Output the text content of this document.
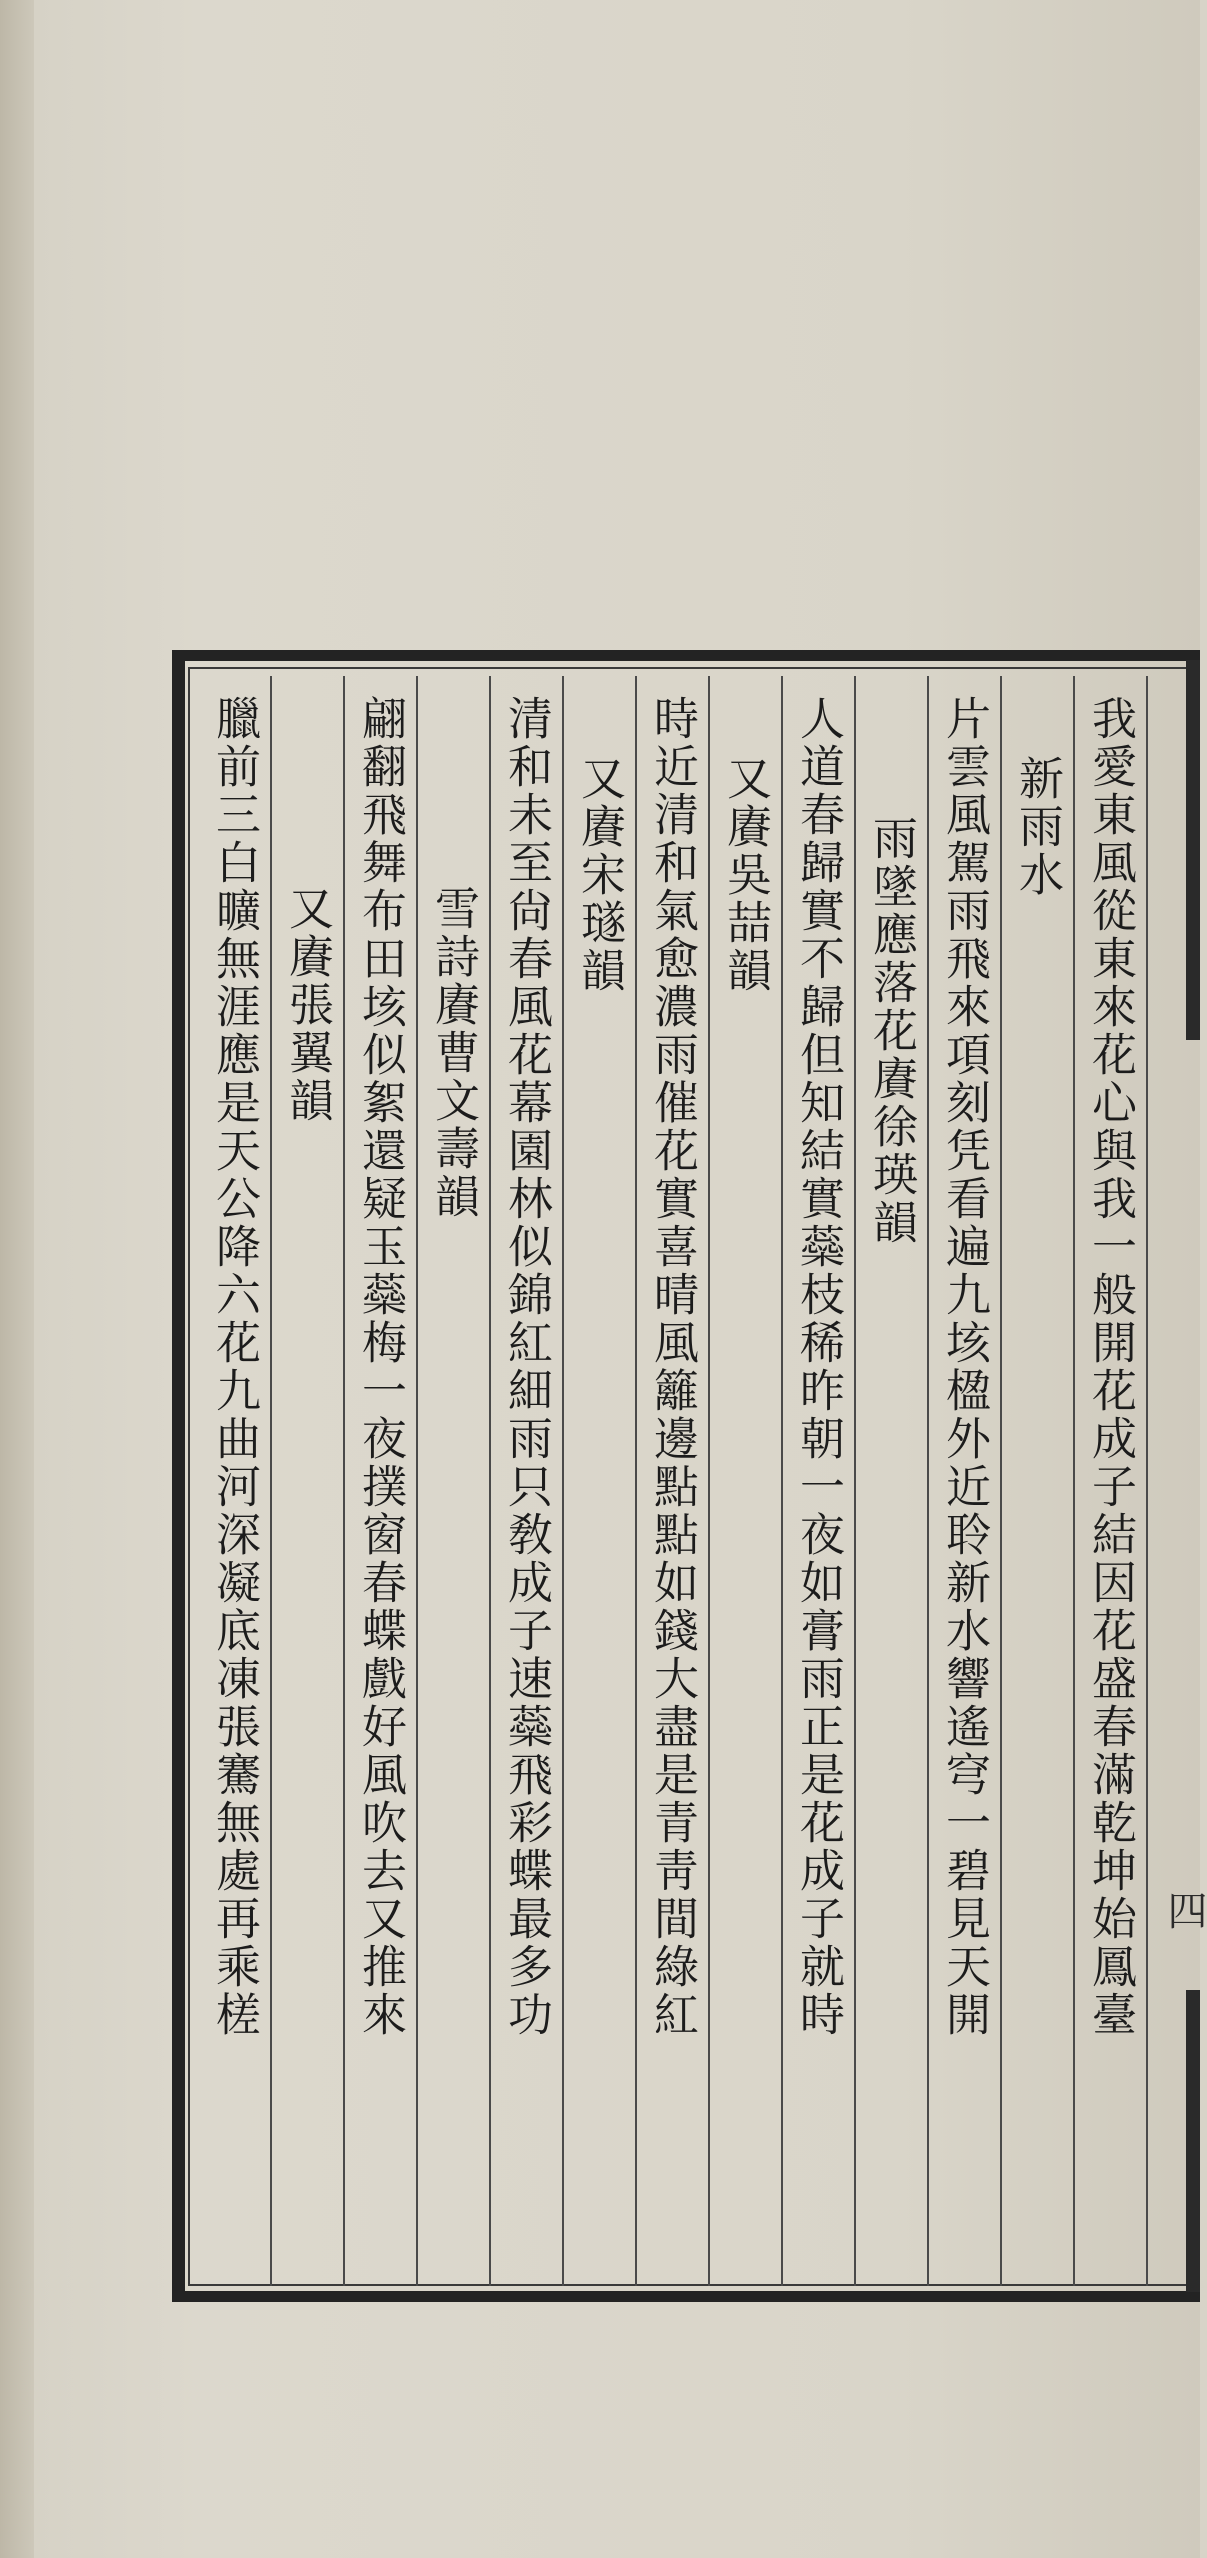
四
我愛東風從東來花心與我一般開花成子結因花盛春滿乾坤始鳳臺
新雨水
片雲風駕雨飛來項刻凭看遍九垓楹外近聆新水響遙穹一碧見天開
雨墜應落花賡徐瑛韻
人道春歸實不歸但知結實蘂枝稀昨朝一夜如膏雨正是花成子就時
又賡吳喆韻
時近清和氣愈濃雨催花實喜晴風籬邊點點如錢大盡是青靑間綠紅
又賡宋璲韻
清和未至尙春風花幕園林似錦紅細雨只敎成子速蘂飛彩蝶最多功
雪詩賡曹文壽韻
翩翻飛舞布田垓似絮還疑玉蘂梅一夜撲窗春蝶戲好風吹去又推來
又賡張翼韻
臘前三白曠無涯應是天公降六花九曲河深凝底凍張騫無處再乘槎
